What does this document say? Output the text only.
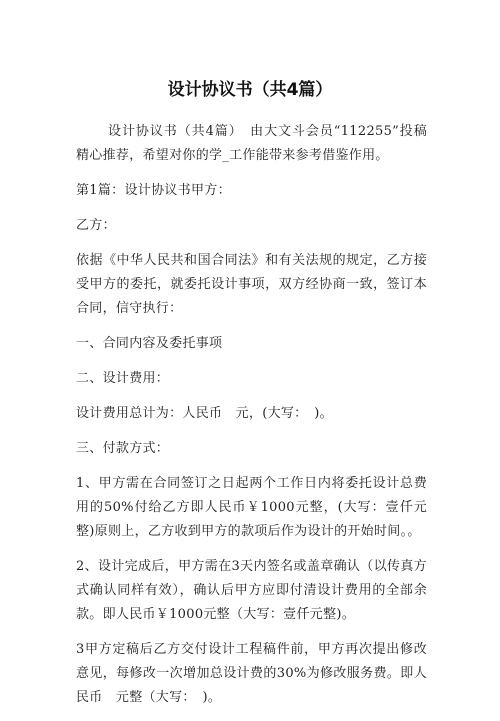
设计协议书（共4篇）

设计协议书（共4篇）　由大文斗会员“112255”投稿精心推荐，希望对你的学_工作能带来参考借鉴作用。

第1篇：设计协议书甲方：

乙方：

依据《中华人民共和国合同法》和有关法规的规定，乙方接受甲方的委托，就委托设计事项，双方经协商一致，签订本合同，信守执行：

一、合同内容及委托事项

二、设计费用：

设计费用总计为：人民币　元，(大写：　)。

三、付款方式：

1、甲方需在合同签订之日起两个工作日内将委托设计总费用的50%付给乙方即人民币￥1000元整，(大写：壹仟元整)原则上，乙方收到甲方的款项后作为设计的开始时间。。

2、设计完成后，甲方需在3天内签名或盖章确认（以传真方式确认同样有效），确认后甲方应即付清设计费用的全部余款。即人民币￥1000元整（大写：壹仟元整)。

3甲方定稿后乙方交付设计工程稿件前，甲方再次提出修改意见，每修改一次增加总设计费的30%为修改服务费。即人民币　元整（大写：　)。
